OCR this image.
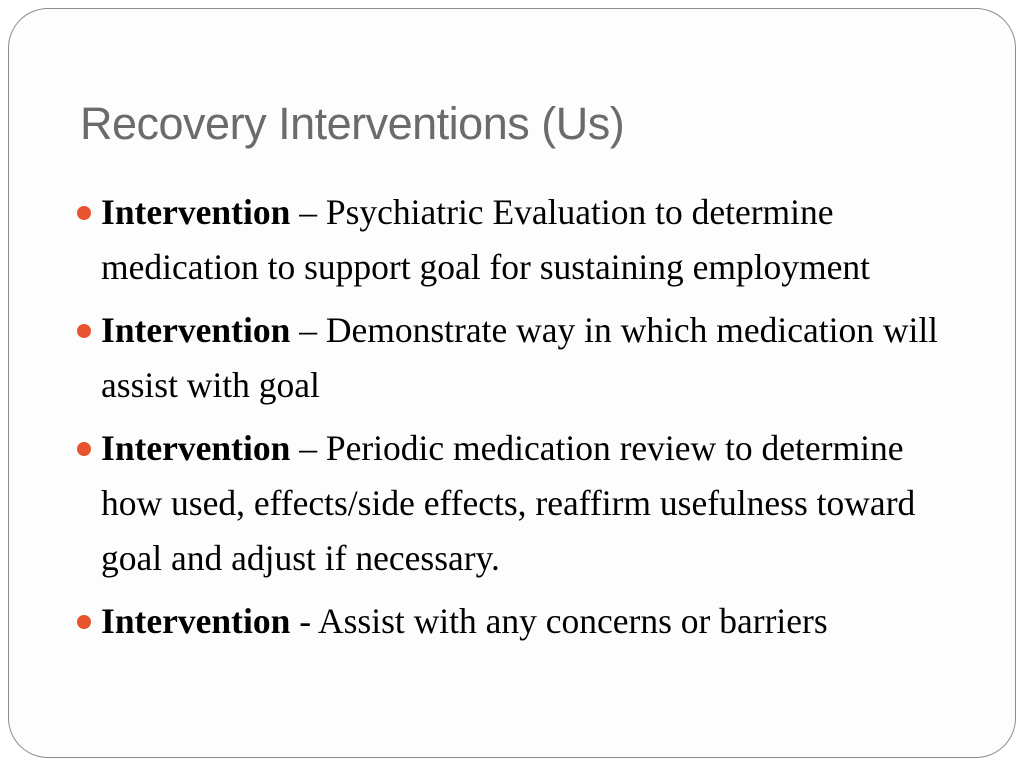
Recovery Interventions (Us)
Intervention – Psychiatric Evaluation to determine medication to support goal for sustaining employment
Intervention – Demonstrate way in which medication will assist with goal
Intervention – Periodic medication review to determine how used, effects/side effects, reaffirm usefulness toward goal and adjust if necessary.
Intervention - Assist with any concerns or barriers
